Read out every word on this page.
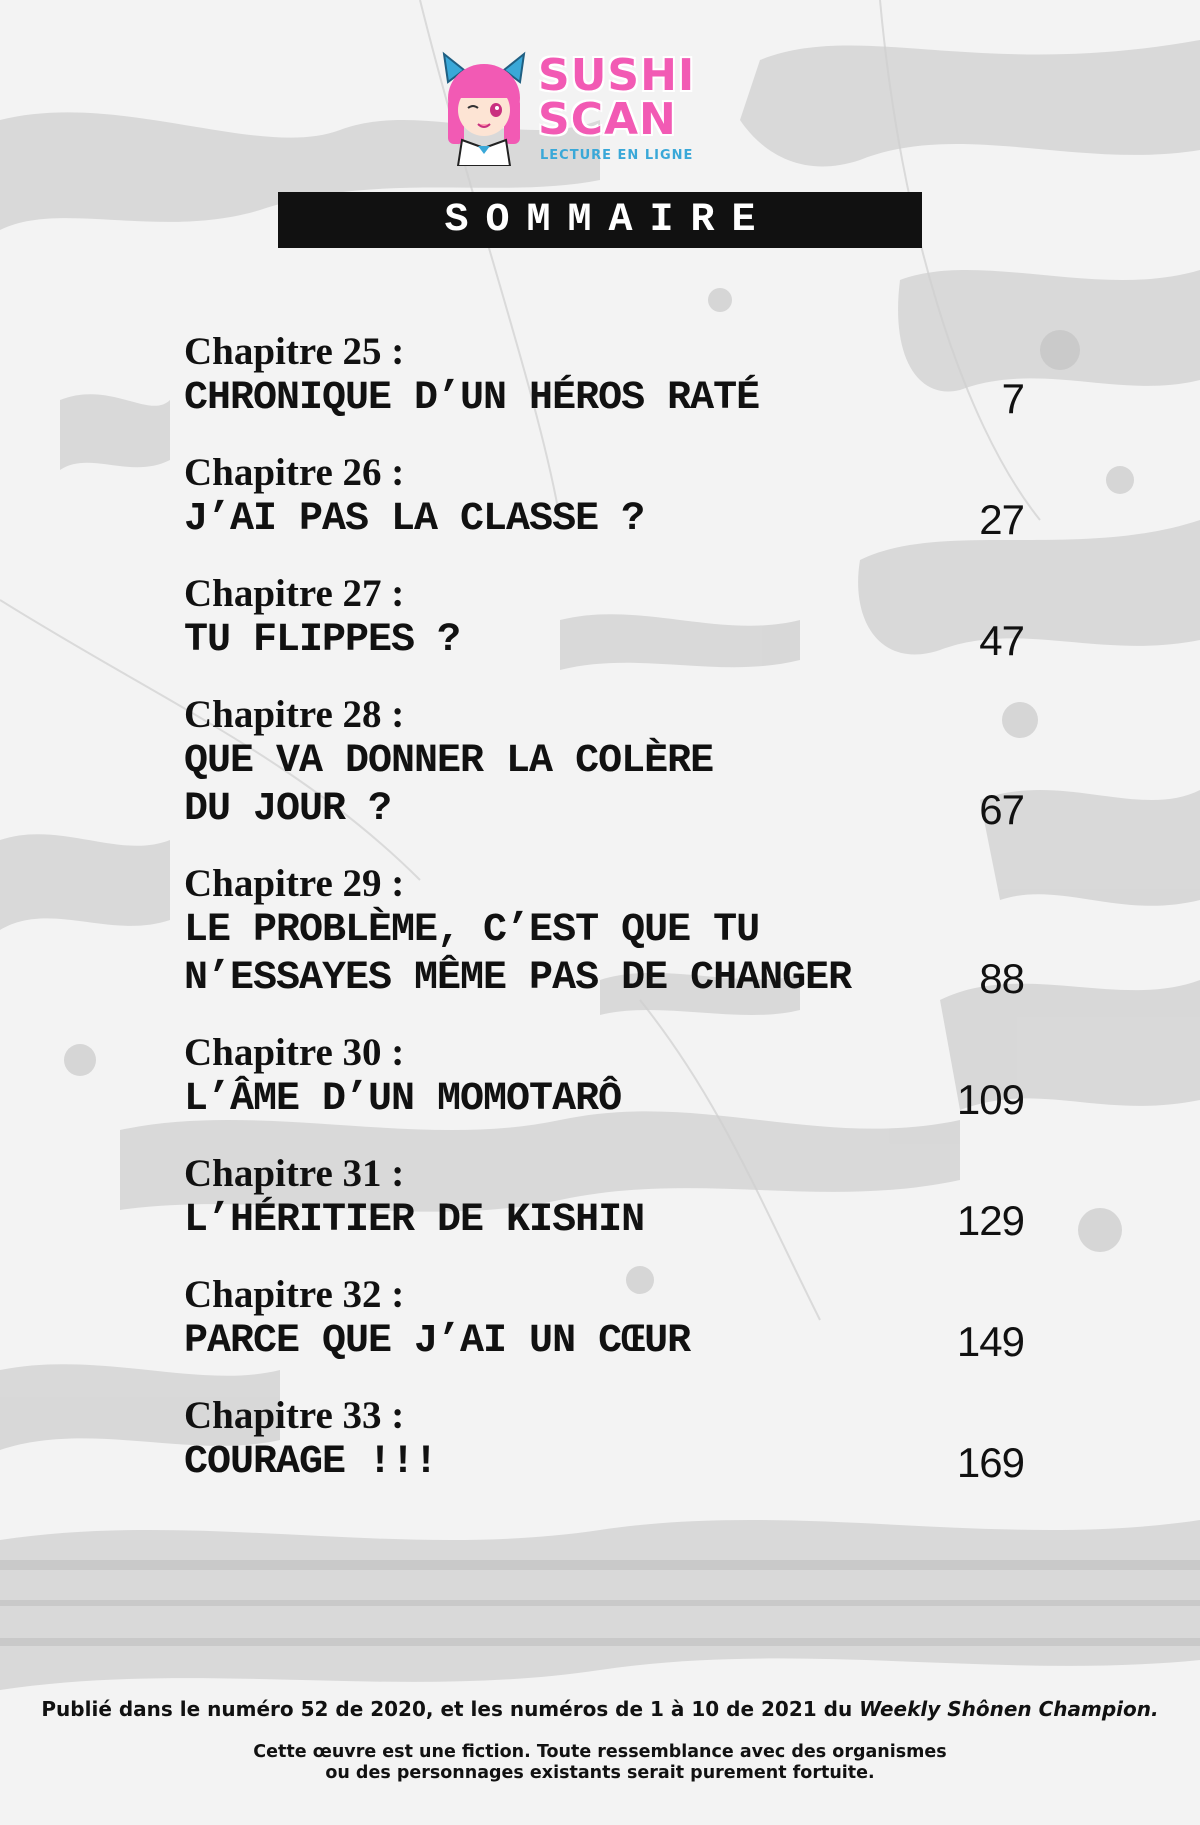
SUSHI
SCAN
LECTURE EN LIGNE
SOMMAIRE
Chapitre 25 :
CHRONIQUE D’UN HÉROS RATÉ	7
Chapitre 26 :
J’AI PAS LA CLASSE ?	27
Chapitre 27 :
TU FLIPPES ?	47
Chapitre 28 :
QUE VA DONNER LA COLÈRE
DU JOUR ?	67
Chapitre 29 :
LE PROBLÈME, C’EST QUE TU
N’ESSAYES MÊME PAS DE CHANGER	88
Chapitre 30 :
L’ÂME D’UN MOMOTARÔ	109
Chapitre 31 :
L’HÉRITIER DE KISHIN	129
Chapitre 32 :
PARCE QUE J’AI UN CŒUR	149
Chapitre 33 :
COURAGE !!!	169
Publié dans le numéro 52 de 2020, et les numéros de 1 à 10 de 2021 du Weekly Shônen Champion.
Cette œuvre est une fiction. Toute ressemblance avec des organismes
ou des personnages existants serait purement fortuite.
